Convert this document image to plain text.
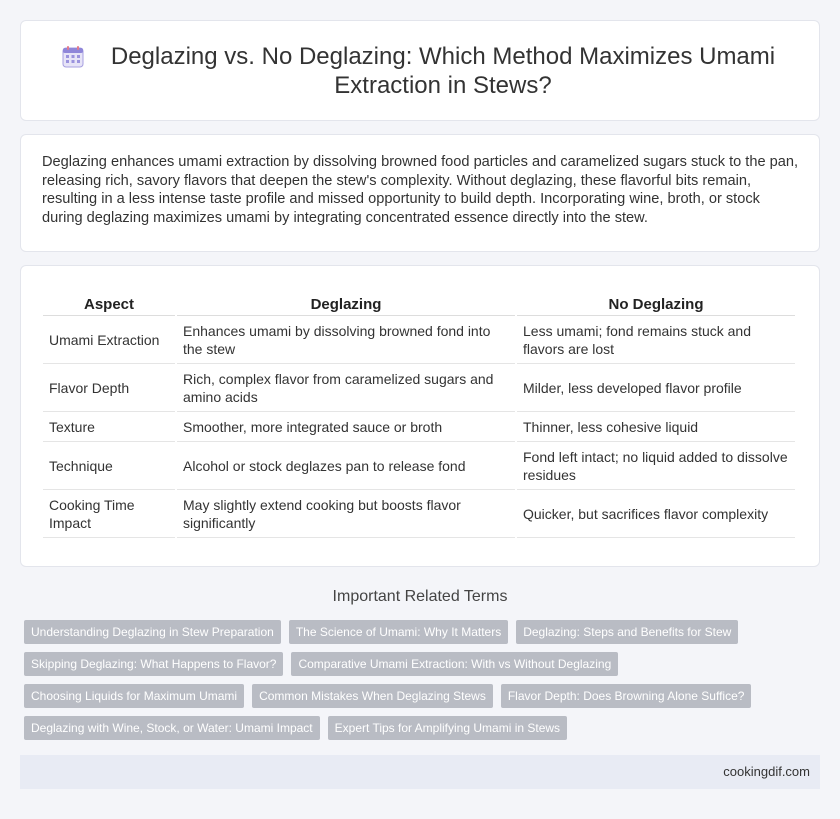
Deglazing vs. No Deglazing: Which Method Maximizes Umami Extraction in Stews?

Deglazing enhances umami extraction by dissolving browned food particles and caramelized sugars stuck to the pan, releasing rich, savory flavors that deepen the stew's complexity. Without deglazing, these flavorful bits remain, resulting in a less intense taste profile and missed opportunity to build depth. Incorporating wine, broth, or stock during deglazing maximizes umami by integrating concentrated essence directly into the stew.

Aspect	Deglazing	No Deglazing
Umami Extraction	Enhances umami by dissolving browned fond into the stew	Less umami; fond remains stuck and flavors are lost
Flavor Depth	Rich, complex flavor from caramelized sugars and amino acids	Milder, less developed flavor profile
Texture	Smoother, more integrated sauce or broth	Thinner, less cohesive liquid
Technique	Alcohol or stock deglazes pan to release fond	Fond left intact; no liquid added to dissolve residues
Cooking Time Impact	May slightly extend cooking but boosts flavor significantly	Quicker, but sacrifices flavor complexity
Important Related Terms
Understanding Deglazing in Stew Preparation	The Science of Umami: Why It Matters	Deglazing: Steps and Benefits for Stew
Skipping Deglazing: What Happens to Flavor?	Comparative Umami Extraction: With vs Without Deglazing
Choosing Liquids for Maximum Umami	Common Mistakes When Deglazing Stews	Flavor Depth: Does Browning Alone Suffice?
Deglazing with Wine, Stock, or Water: Umami Impact	Expert Tips for Amplifying Umami in Stews
cookingdif.com
